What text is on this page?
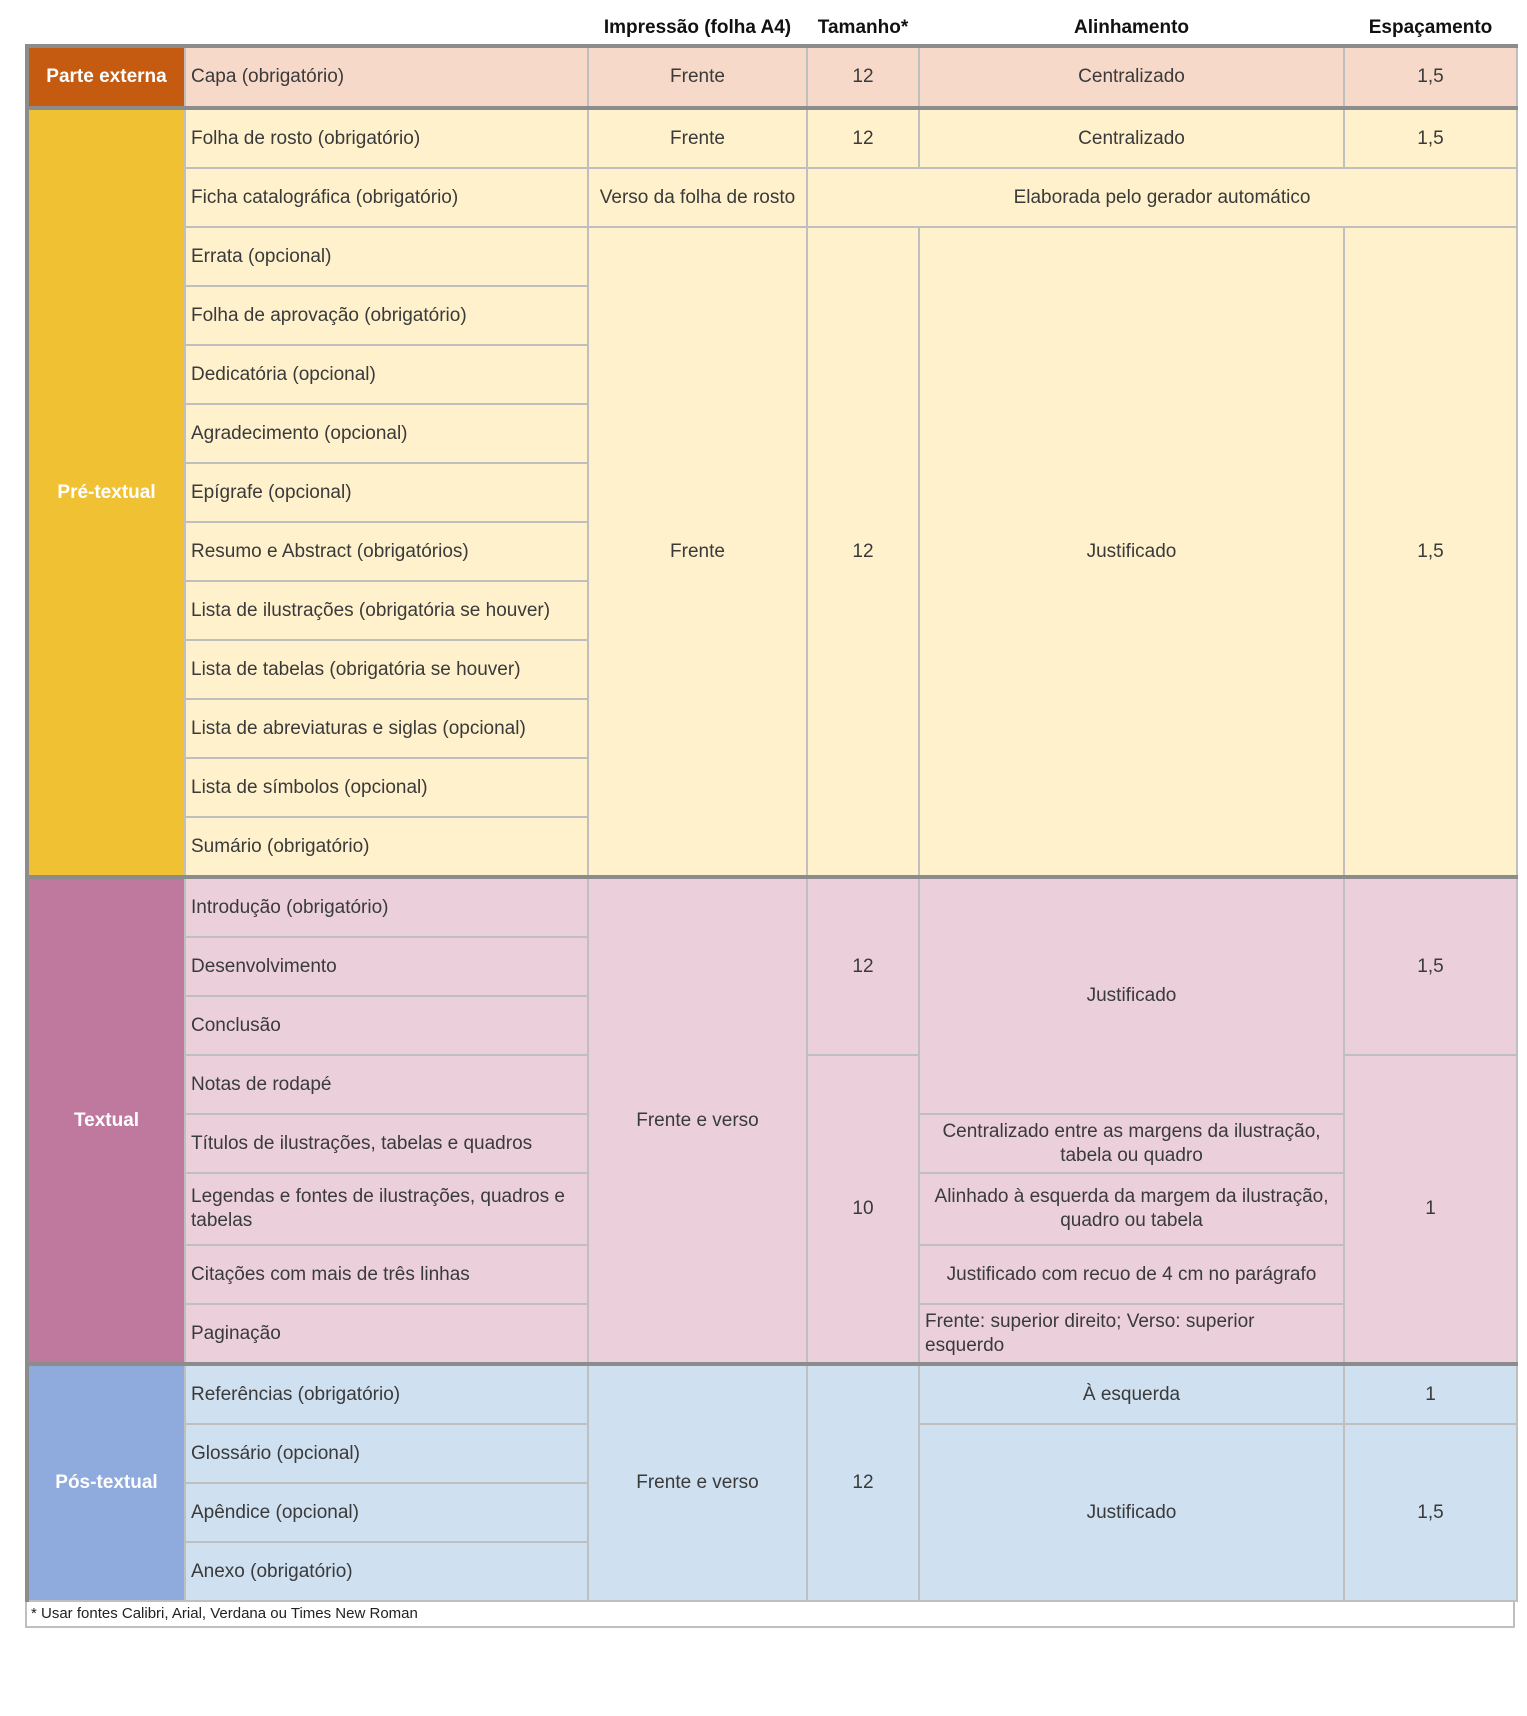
		Impressão (folha A4)	Tamanho*	Alinhamento	Espaçamento
Parte externa	Capa (obrigatório)	Frente	12	Centralizado	1,5
Pré-textual	Folha de rosto (obrigatório)	Frente	12	Centralizado	1,5
	Ficha catalográfica (obrigatório)	Verso da folha de rosto	Elaborada pelo gerador automático		
	Errata (opcional)	Frente	12	Justificado	1,5
	Folha de aprovação (obrigatório)				
	Dedicatória (opcional)				
	Agradecimento (opcional)				
	Epígrafe (opcional)				
	Resumo e Abstract (obrigatórios)				
	Lista de ilustrações (obrigatória se houver)				
	Lista de tabelas (obrigatória se houver)				
	Lista de abreviaturas e siglas (opcional)				
	Lista de símbolos (opcional)				
	Sumário (obrigatório)				
Textual	Introdução (obrigatório)	Frente e verso	12	Justificado	1,5
	Desenvolvimento				
	Conclusão				
	Notas de rodapé		10		1
	Títulos de ilustrações, tabelas e quadros			Centralizado entre as margens da ilustração, tabela ou quadro	
	Legendas e fontes de ilustrações, quadros e tabelas			Alinhado à esquerda da margem da ilustração, quadro ou tabela	
	Citações com mais de três linhas			Justificado com recuo de 4 cm no parágrafo	
	Paginação			Frente: superior direito; Verso: superior esquerdo	
Pós-textual	Referências (obrigatório)	Frente e verso	12	À esquerda	1
	Glossário (opcional)			Justificado	1,5
	Apêndice (opcional)				
	Anexo (obrigatório)				
* Usar fontes Calibri, Arial, Verdana ou Times New Roman
